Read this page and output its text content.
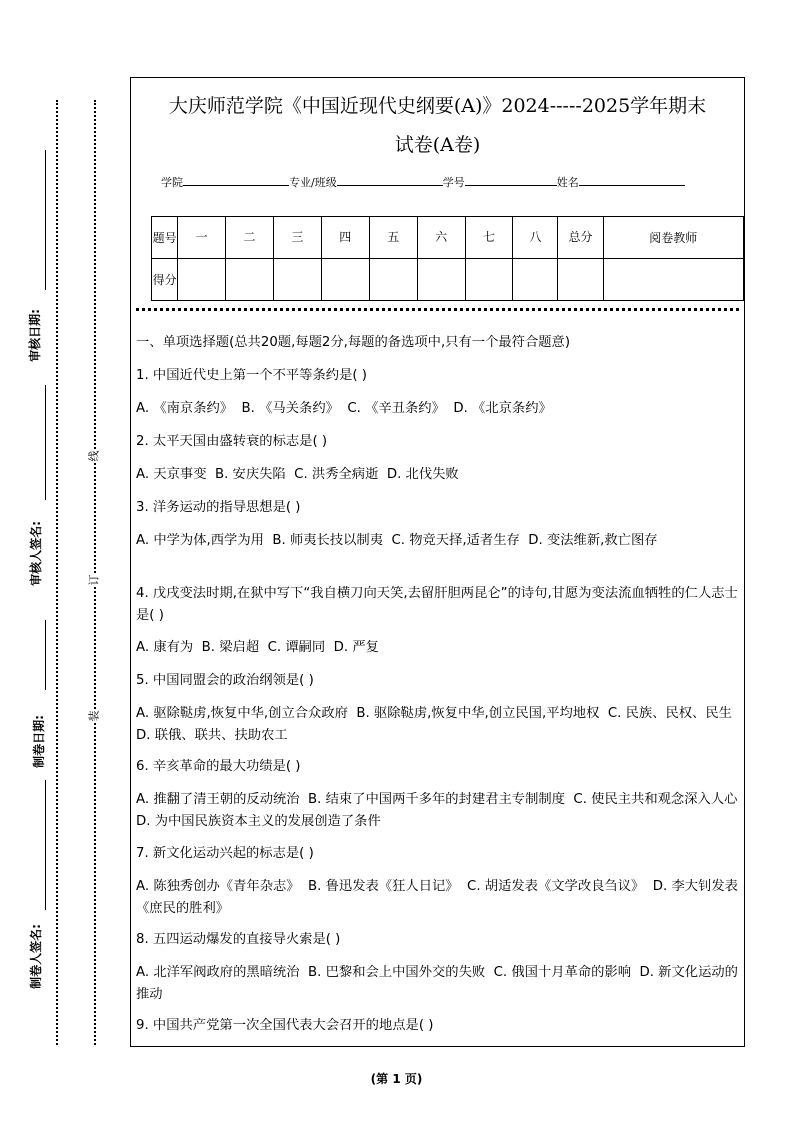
审核日期:
审核人签名:
制卷日期:
制卷人签名:
线
订
装
大庆师范学院《中国近现代史纲要(A)》2024-----2025学年期末
试卷(A卷)
学院	专业/班级	学号	姓名
题号	一	二	三	四	五	六	七	八	总分	阅卷教师
得分										
一、单项选择题(总共20题,每题2分,每题的备选项中,只有一个最符合题意)
1. 中国近代史上第一个不平等条约是( )
A. 《南京条约》  B. 《马关条约》  C. 《辛丑条约》  D. 《北京条约》
2. 太平天国由盛转衰的标志是( )
A. 天京事变  B. 安庆失陷  C. 洪秀全病逝  D. 北伐失败
3. 洋务运动的指导思想是( )
A. 中学为体,西学为用  B. 师夷长技以制夷  C. 物竞天择,适者生存  D. 变法维新,救亡图存
4. 戊戌变法时期,在狱中写下“我自横刀向天笑,去留肝胆两昆仑”的诗句,甘愿为变法流血牺牲的仁人志士是( )
A. 康有为  B. 梁启超  C. 谭嗣同  D. 严复
5. 中国同盟会的政治纲领是( )
A. 驱除鞑虏,恢复中华,创立合众政府  B. 驱除鞑虏,恢复中华,创立民国,平均地权  C. 民族、民权、民生  D. 联俄、联共、扶助农工
6. 辛亥革命的最大功绩是( )
A. 推翻了清王朝的反动统治  B. 结束了中国两千多年的封建君主专制制度  C. 使民主共和观念深入人心  D. 为中国民族资本主义的发展创造了条件
7. 新文化运动兴起的标志是( )
A. 陈独秀创办《青年杂志》  B. 鲁迅发表《狂人日记》  C. 胡适发表《文学改良刍议》  D. 李大钊发表《庶民的胜利》
8. 五四运动爆发的直接导火索是( )
A. 北洋军阀政府的黑暗统治  B. 巴黎和会上中国外交的失败  C. 俄国十月革命的影响  D. 新文化运动的推动
9. 中国共产党第一次全国代表大会召开的地点是( )
(第 1 页)
